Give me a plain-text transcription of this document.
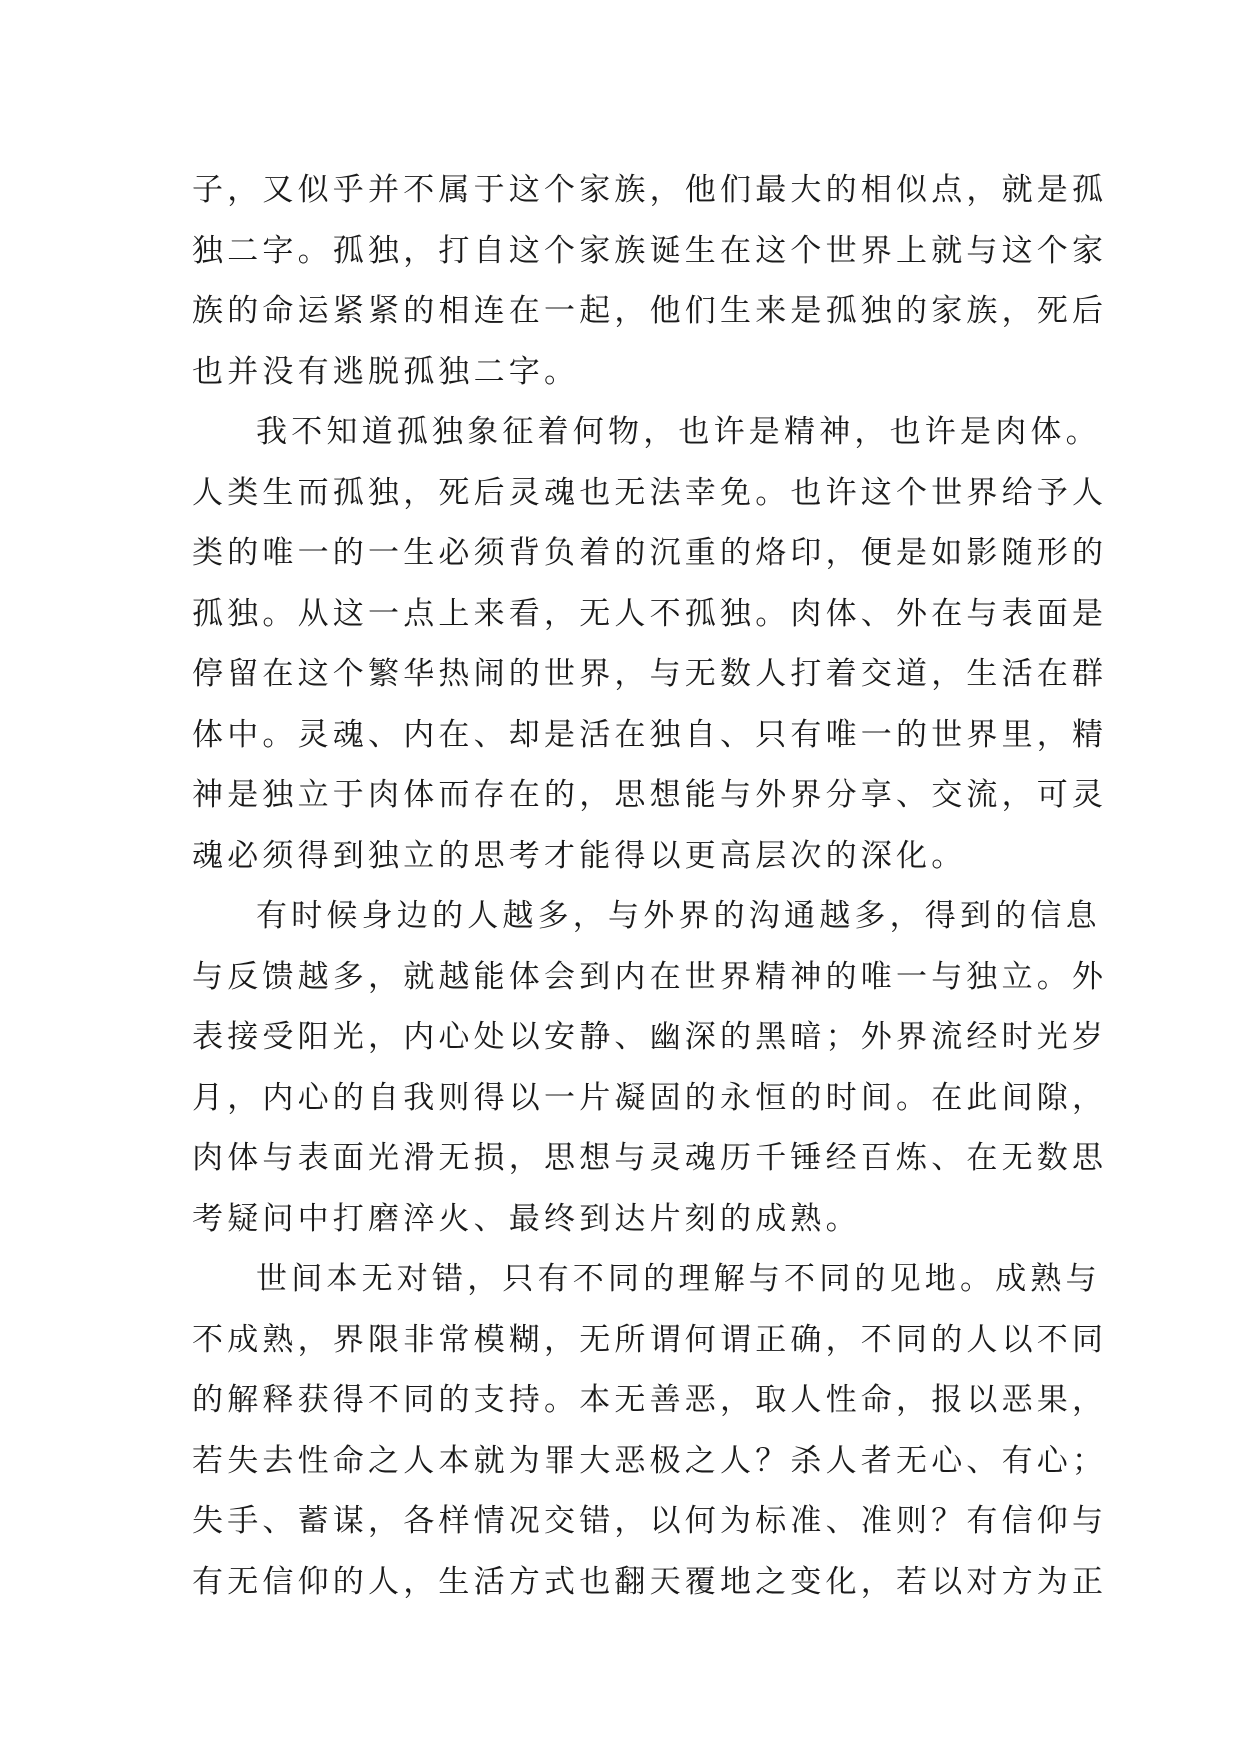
子，又似乎并不属于这个家族，他们最大的相似点，就是孤
独二字。孤独，打自这个家族诞生在这个世界上就与这个家
族的命运紧紧的相连在一起，他们生来是孤独的家族，死后
也并没有逃脱孤独二字。
我不知道孤独象征着何物，也许是精神，也许是肉体。
人类生而孤独，死后灵魂也无法幸免。也许这个世界给予人
类的唯一的一生必须背负着的沉重的烙印，便是如影随形的
孤独。从这一点上来看，无人不孤独。肉体、外在与表面是
停留在这个繁华热闹的世界，与无数人打着交道，生活在群
体中。灵魂、内在、却是活在独自、只有唯一的世界里，精
神是独立于肉体而存在的，思想能与外界分享、交流，可灵
魂必须得到独立的思考才能得以更高层次的深化。
有时候身边的人越多，与外界的沟通越多，得到的信息
与反馈越多，就越能体会到内在世界精神的唯一与独立。外
表接受阳光，内心处以安静、幽深的黑暗；外界流经时光岁
月，内心的自我则得以一片凝固的永恒的时间。在此间隙，
肉体与表面光滑无损，思想与灵魂历千锤经百炼、在无数思
考疑问中打磨淬火、最终到达片刻的成熟。
世间本无对错，只有不同的理解与不同的见地。成熟与
不成熟，界限非常模糊，无所谓何谓正确，不同的人以不同
的解释获得不同的支持。本无善恶，取人性命，报以恶果，
若失去性命之人本就为罪大恶极之人？杀人者无心、有心；
失手、蓄谋，各样情况交错，以何为标准、准则？有信仰与
有无信仰的人，生活方式也翻天覆地之变化，若以对方为正
